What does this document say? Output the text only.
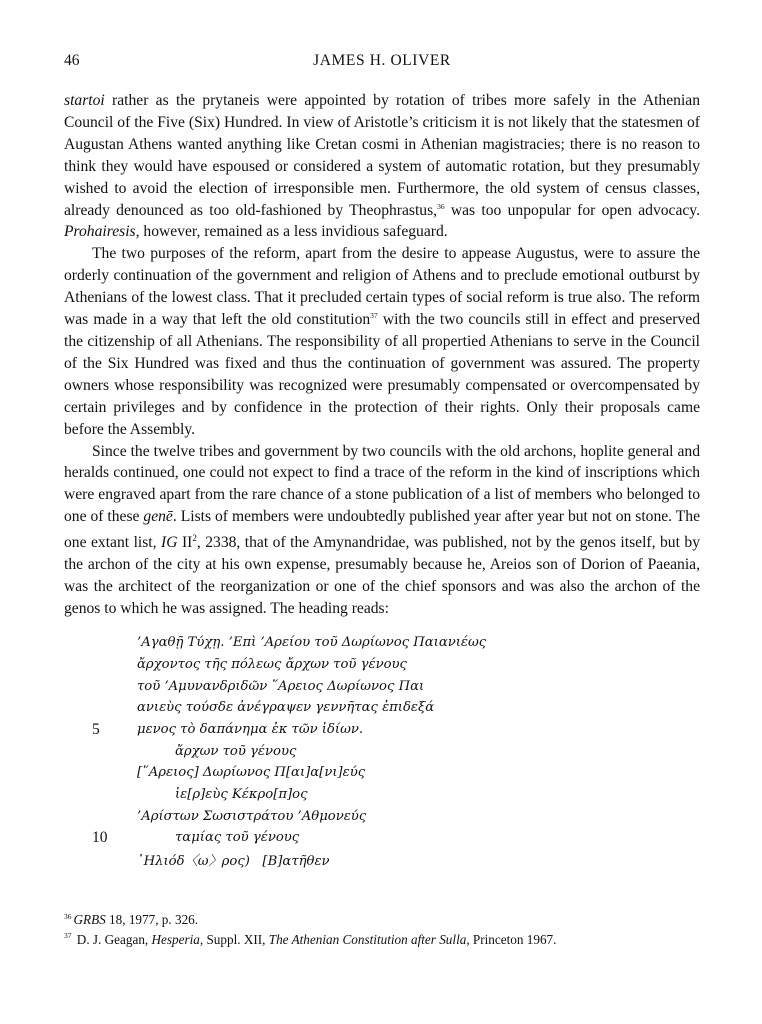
46	JAMES H. OLIVER

startoi rather as the prytaneis were appointed by rotation of tribes more safely in the Athenian Council of the Five (Six) Hundred. In view of Aristotle’s criticism it is not likely that the statesmen of Augustan Athens wanted anything like Cretan cosmi in Athenian magistracies; there is no reason to think they would have espoused or considered a system of automatic rotation, but they presumably wished to avoid the election of irresponsible men. Furthermore, the old system of census classes, already denounced as too old-fashioned by Theophrastus,$^{36}$ was too unpopular for open advocacy. Prohairesis, however, remained as a less invidious safeguard.

The two purposes of the reform, apart from the desire to appease Augustus, were to assure the orderly continuation of the government and religion of Athens and to preclude emotional outburst by Athenians of the lowest class. That it precluded certain types of social reform is true also. The reform was made in a way that left the old constitution$^{37}$ with the two councils still in effect and preserved the citizenship of all Athenians. The responsibility of all propertied Athenians to serve in the Council of the Six Hundred was fixed and thus the continuation of government was assured. The property owners whose responsibility was recognized were presumably compensated or overcompensated by certain privileges and by confidence in the protection of their rights. Only their proposals came before the Assembly.

Since the twelve tribes and government by two councils with the old archons, hoplite general and heralds continued, one could not expect to find a trace of the reform in the kind of inscriptions which were engraved apart from the rare chance of a stone publication of a list of members who belonged to one of these genē. Lists of members were undoubtedly published year after year but not on stone. The one extant list, IG $II^2$, 2338, that of the Amynandridae, was published, not by the genos itself, but by the archon of the city at his own expense, presumably because he, Areios son of Dorion of Paeania, was the architect of the reorganization or one of the chief sponsors and was also the archon of the genos to which he was assigned. The heading reads:

’Αγαθῇ Τύχῃ. ’Επὶ ’Αρείου τοῦ Δωρίωνος Παιανιέως
ἄρχοντος τῆς πόλεως ἄρχων τοῦ γένους
τοῦ ’Αμυνανδριδῶν ῞Αρειος Δωρίωνος Παι
ανιεὺς τούσδε ἀνέγραψεν γεννῆτας ἐπιδεξά
5	μενος τὸ δαπάνημα ἐκ τῶν ἰδίων.
ἄρχων τοῦ γένους
[῞Αρειος] Δωρίωνος Π[αι]α[νι]εύς
ἱε[ρ]εὺς Κέκρο[π]ος
’Αρίστων Σωσιστράτου ’Αθμονεύς
10	ταμίας τοῦ γένους
῾Ηλιόδ〈ω〉ρος)   [Β]ατῆθεν
$^{36}$ GRBS 18, 1977, p. 326.
$^{37}$ D. J. Geagan, Hesperia, Suppl. XII, The Athenian Constitution after Sulla, Princeton 1967.
